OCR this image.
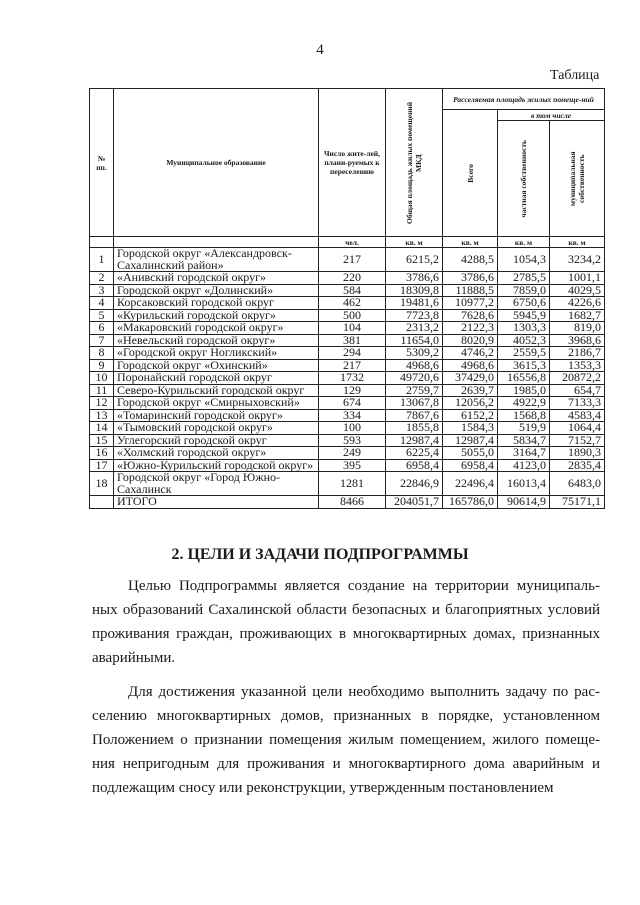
4
Таблица
№ пп.	Муниципальное образование	Число жите-лей, плани-руемых к переселению	Общая площадь жилых помещений МКД	Расселяемая площадь жилых помеще-ний		

				Всего	в том числе	

					частная собственность	муниципальная собственность

		чел.	кв. м	кв. м	кв. м	кв. м
1	Городской округ «Александровск-Сахалинский район»	217	6215,2	4288,5	1054,3	3234,2
2	«Анивский городской округ»	220	3786,6	3786,6	2785,5	1001,1
3	Городской округ «Долинский»	584	18309,8	11888,5	7859,0	4029,5
4	Корсаковский городской округ	462	19481,6	10977,2	6750,6	4226,6
5	«Курильский городской округ»	500	7723,8	7628,6	5945,9	1682,7
6	«Макаровский городской округ»	104	2313,2	2122,3	1303,3	819,0
7	«Невельский городской округ»	381	11654,0	8020,9	4052,3	3968,6
8	«Городской округ Ногликский»	294	5309,2	4746,2	2559,5	2186,7
9	Городской округ «Охинский»	217	4968,6	4968,6	3615,3	1353,3
10	Поронайский городской округ	1732	49720,6	37429,0	16556,8	20872,2
11	Северо-Курильский городской округ	129	2759,7	2639,7	1985,0	654,7
12	Городской округ «Смирныховский»	674	13067,8	12056,2	4922,9	7133,3
13	«Томаринский городской округ»	334	7867,6	6152,2	1568,8	4583,4
14	«Тымовский городской округ»	100	1855,8	1584,3	519,9	1064,4
15	Углегорский городской округ	593	12987,4	12987,4	5834,7	7152,7
16	«Холмский городской округ»	249	6225,4	5055,0	3164,7	1890,3
17	«Южно-Курильский городской округ»	395	6958,4	6958,4	4123,0	2835,4
18	Городской округ «Город Южно-Сахалинск	1281	22846,9	22496,4	16013,4	6483,0
	ИТОГО	8466	204051,7	165786,0	90614,9	75171,1
2. ЦЕЛИ И ЗАДАЧИ ПОДПРОГРАММЫ
Целью Подпрограммы является создание на территории муниципаль-ных образований Сахалинской области безопасных и благоприятных условий проживания граждан, проживающих в многоквартирных домах, признанных аварийными.
Для достижения указанной цели необходимо выполнить задачу по рас-селению многоквартирных домов, признанных в порядке, установленном Положением о признании помещения жилым помещением, жилого помеще-ния непригодным для проживания и многоквартирного дома аварийным и подлежащим сносу или реконструкции, утвержденным постановлением
